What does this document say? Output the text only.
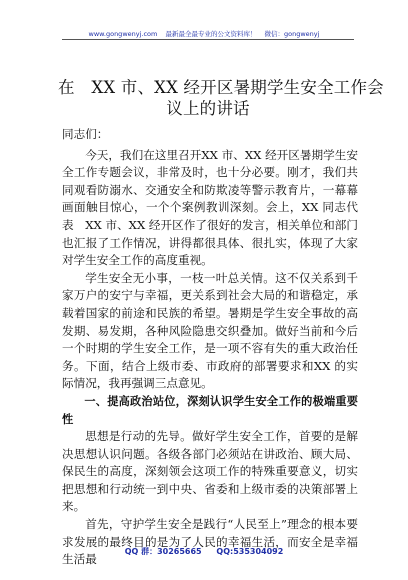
www.gongwenyj.com 最新最全最专业的公文资料库！ 微信：gongwenyj
在　XX 市、XX 经开区暑期学生安全工作会
议上的讲话

同志们：

今天，我们在这里召开XX 市、XX 经开区暑期学生安全工作专题会议，非常及时，也十分必要。刚才，我们共同观看防溺水、交通安全和防欺凌等警示教育片，一幕幕画面触目惊心，一个个案例教训深刻。会上，XX 同志代表　XX 市、XX 经开区作了很好的发言，相关单位和部门也汇报了工作情况，讲得都很具体、很扎实，体现了大家对学生安全工作的高度重视。

学生安全无小事，一枝一叶总关情。这不仅关系到千家万户的安宁与幸福，更关系到社会大局的和谐稳定，承载着国家的前途和民族的希望。暑期是学生安全事故的高发期、易发期，各种风险隐患交织叠加。做好当前和今后一个时期的学生安全工作，是一项不容有失的重大政治任务。下面，结合上级市委、市政府的部署要求和XX 的实际情况，我再强调三点意见。

一、提高政治站位，深刻认识学生安全工作的极端重要性

思想是行动的先导。做好学生安全工作，首要的是解决思想认识问题。各级各部门必须站在讲政治、顾大局、保民生的高度，深刻领会这项工作的特殊重要意义，切实把思想和行动统一到中央、省委和上级市委的决策部署上来。

首先，守护学生安全是践行“人民至上”理念的根本要求发展的最终目的是为了人民的幸福生活，而安全是幸福生活最

QQ 群：30265665 QQ:535304092
